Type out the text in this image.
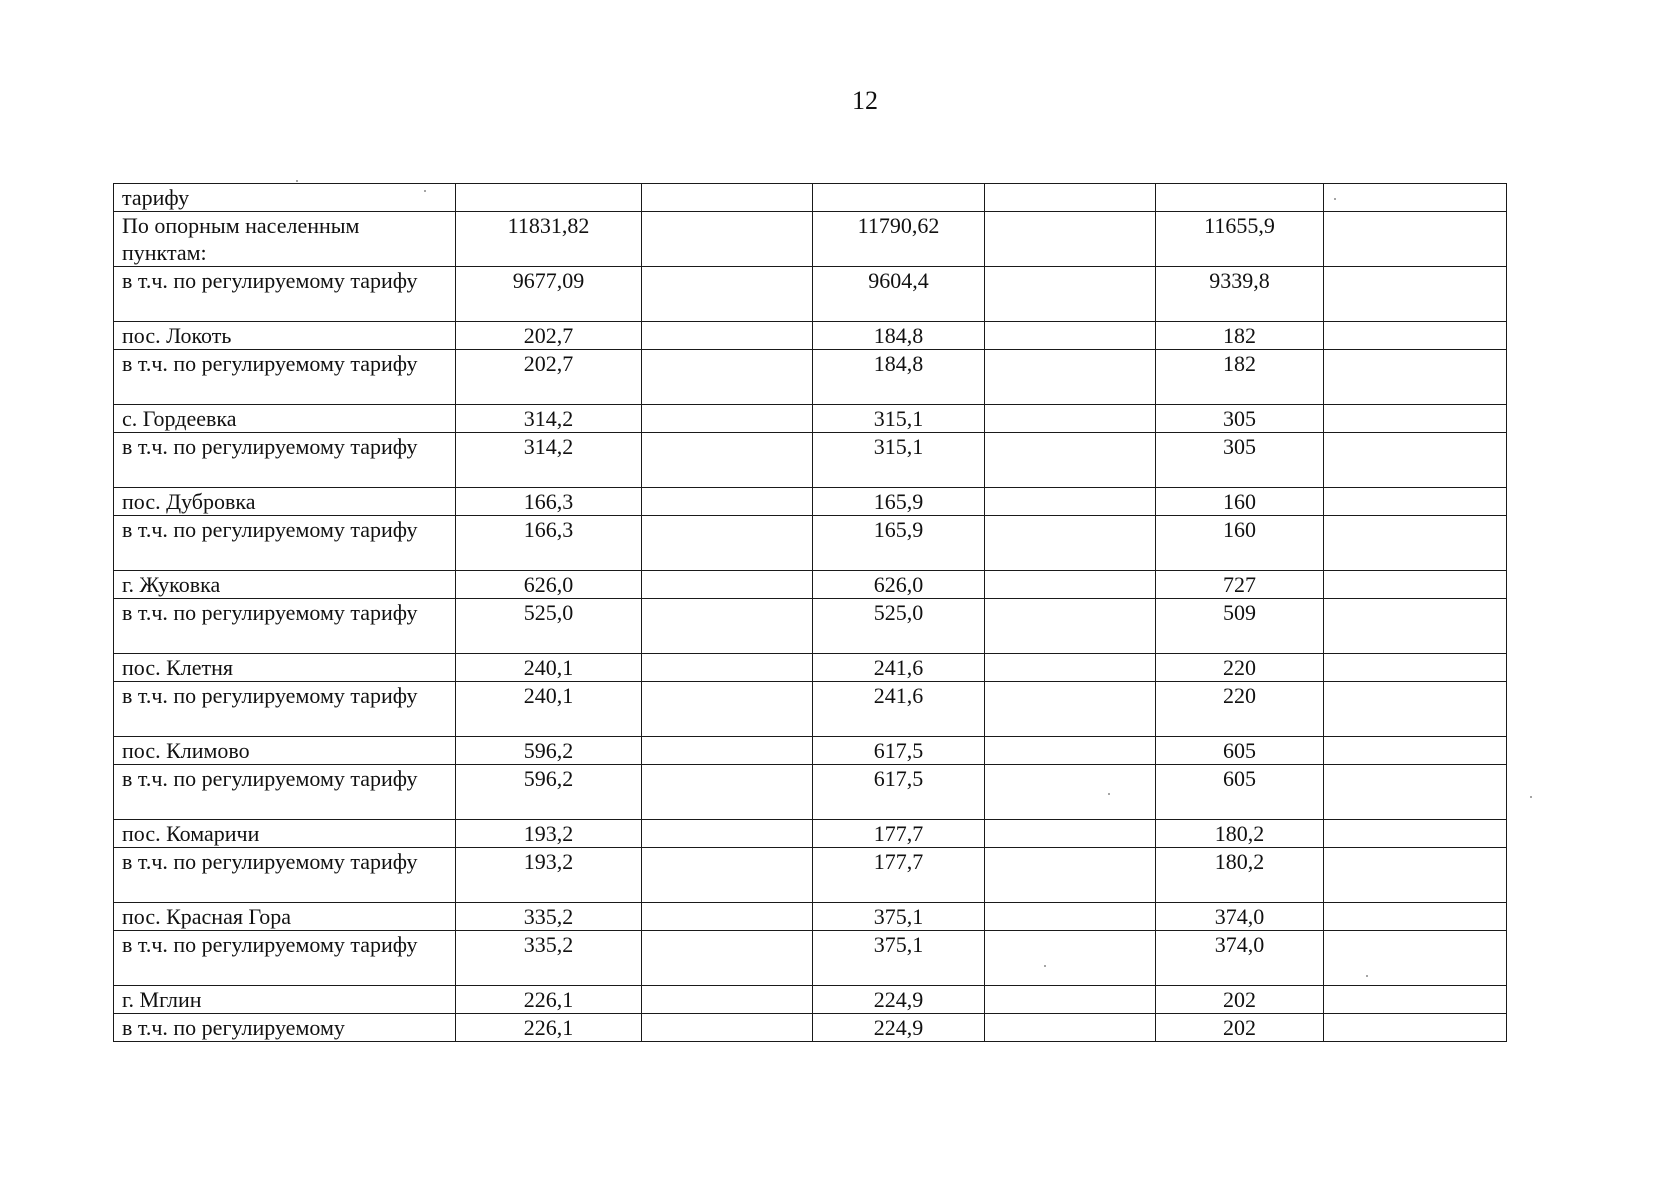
12
тарифу						
По опорным населенным пунктам:	11831,82		11790,62		11655,9	
в т.ч. по регулируемому тарифу	9677,09		9604,4		9339,8	
пос. Локоть	202,7		184,8		182	
в т.ч. по регулируемому тарифу	202,7		184,8		182	
с. Гордеевка	314,2		315,1		305	
в т.ч. по регулируемому тарифу	314,2		315,1		305	
пос. Дубровка	166,3		165,9		160	
в т.ч. по регулируемому тарифу	166,3		165,9		160	
г. Жуковка	626,0		626,0		727	
в т.ч. по регулируемому тарифу	525,0		525,0		509	
пос. Клетня	240,1		241,6		220	
в т.ч. по регулируемому тарифу	240,1		241,6		220	
пос. Климово	596,2		617,5		605	
в т.ч. по регулируемому тарифу	596,2		617,5		605	
пос. Комаричи	193,2		177,7		180,2	
в т.ч. по регулируемому тарифу	193,2		177,7		180,2	
пос. Красная Гора	335,2		375,1		374,0	
в т.ч. по регулируемому тарифу	335,2		375,1		374,0	
г. Мглин	226,1		224,9		202	
в т.ч. по регулируемому	226,1		224,9		202	
